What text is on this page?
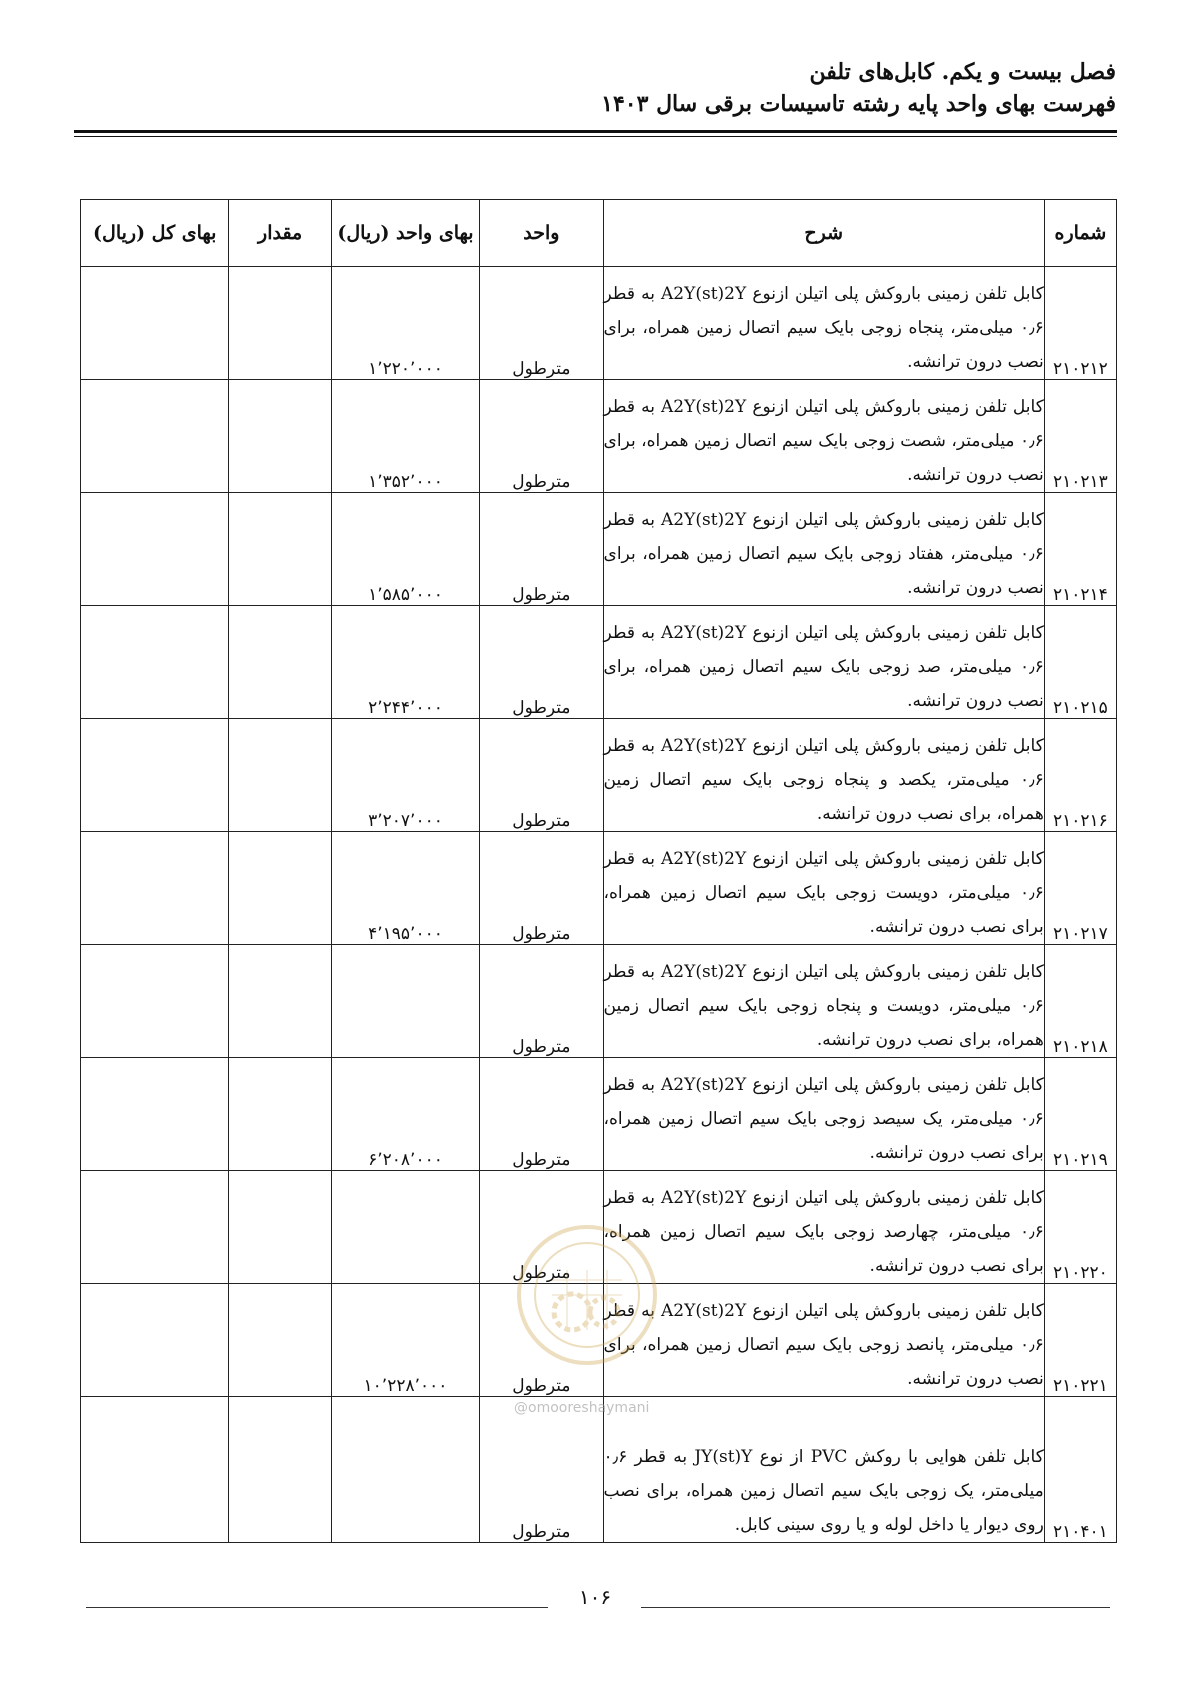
فصل بیست و یکم. کابل‌های تلفن
فهرست بهای واحد پایه رشته تاسیسات برقی سال ۱۴۰۳
شماره	شرح	واحد	بهای واحد (ریال)	مقدار	بهای کل (ریال)
۲۱۰۲۱۲	کابل تلفن زمینی باروکش پلی اتیلن ازنوع A2Y(st)2Y به قطر ۰٫۶ میلی‌متر، پنجاه زوجی بایک سیم اتصال زمین همراه، برای نصب درون ترانشه.	مترطول	۱٬۲۲۰٬۰۰۰		
۲۱۰۲۱۳	کابل تلفن زمینی باروکش پلی اتیلن ازنوع A2Y(st)2Y به قطر ۰٫۶ میلی‌متر، شصت زوجی بایک سیم اتصال زمین همراه، برای نصب درون ترانشه.	مترطول	۱٬۳۵۲٬۰۰۰		
۲۱۰۲۱۴	کابل تلفن زمینی باروکش پلی اتیلن ازنوع A2Y(st)2Y به قطر ۰٫۶ میلی‌متر، هفتاد زوجی بایک سیم اتصال زمین همراه، برای نصب درون ترانشه.	مترطول	۱٬۵۸۵٬۰۰۰		
۲۱۰۲۱۵	کابل تلفن زمینی باروکش پلی اتیلن ازنوع A2Y(st)2Y به قطر ۰٫۶ میلی‌متر، صد زوجی بایک سیم اتصال زمین همراه، برای نصب درون ترانشه.	مترطول	۲٬۲۴۴٬۰۰۰		
۲۱۰۲۱۶	کابل تلفن زمینی باروکش پلی اتیلن ازنوع A2Y(st)2Y به قطر ۰٫۶ میلی‌متر، یکصد و پنجاه زوجی بایک سیم اتصال زمین همراه، برای نصب درون ترانشه.	مترطول	۳٬۲۰۷٬۰۰۰		
۲۱۰۲۱۷	کابل تلفن زمینی باروکش پلی اتیلن ازنوع A2Y(st)2Y به قطر ۰٫۶ میلی‌متر، دویست زوجی بایک سیم اتصال زمین همراه، برای نصب درون ترانشه.	مترطول	۴٬۱۹۵٬۰۰۰		
۲۱۰۲۱۸	کابل تلفن زمینی باروکش پلی اتیلن ازنوع A2Y(st)2Y به قطر ۰٫۶ میلی‌متر، دویست و پنجاه زوجی بایک سیم اتصال زمین همراه، برای نصب درون ترانشه.	مترطول			
۲۱۰۲۱۹	کابل تلفن زمینی باروکش پلی اتیلن ازنوع A2Y(st)2Y به قطر ۰٫۶ میلی‌متر، یک سیصد زوجی بایک سیم اتصال زمین همراه، برای نصب درون ترانشه.	مترطول	۶٬۲۰۸٬۰۰۰		
۲۱۰۲۲۰	کابل تلفن زمینی باروکش پلی اتیلن ازنوع A2Y(st)2Y به قطر ۰٫۶ میلی‌متر، چهارصد زوجی بایک سیم اتصال زمین همراه، برای نصب درون ترانشه.	مترطول			
۲۱۰۲۲۱	کابل تلفن زمینی باروکش پلی اتیلن ازنوع A2Y(st)2Y به قطر ۰٫۶ میلی‌متر، پانصد زوجی بایک سیم اتصال زمین همراه، برای نصب درون ترانشه.	مترطول	۱۰٬۲۲۸٬۰۰۰		
۲۱۰۴۰۱	کابل تلفن هوایی با روکش PVC از نوع JY(st)Y به قطر ۰٫۶ میلی‌متر، یک زوجی بایک سیم اتصال زمین همراه، برای نصب روی دیوار یا داخل لوله و یا روی سینی کابل.	مترطول			
@omooreshaymani
۱۰۶
